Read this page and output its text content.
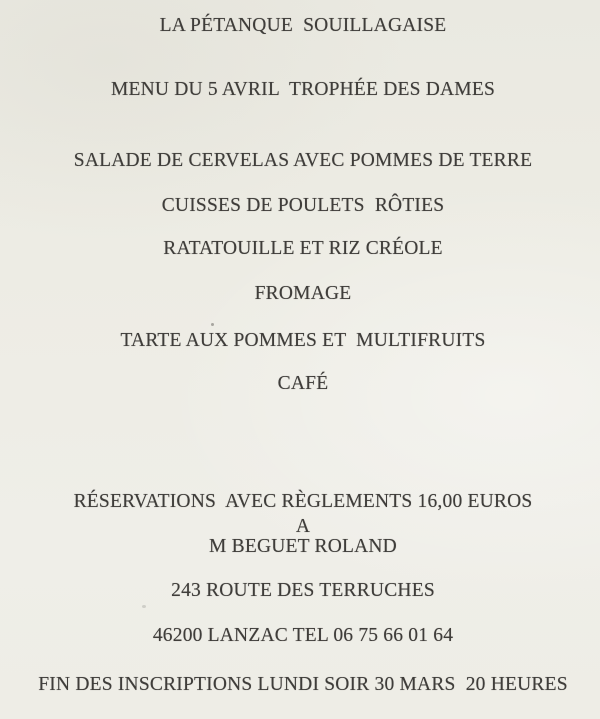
LA PÉTANQUE  SOUILLAGAISE
MENU DU 5 AVRIL  TROPHÉE DES DAMES
SALADE DE CERVELAS AVEC POMMES DE TERRE
CUISSES DE POULETS  RÔTIES
RATATOUILLE ET RIZ CRÉOLE
FROMAGE
TARTE AUX POMMES ET  MULTIFRUITS
CAFÉ
RÉSERVATIONS  AVEC RÈGLEMENTS 16,00 EUROS
A
M BEGUET ROLAND
243 ROUTE DES TERRUCHES
46200 LANZAC TEL 06 75 66 01 64
FIN DES INSCRIPTIONS LUNDI SOIR 30 MARS  20 HEURES
